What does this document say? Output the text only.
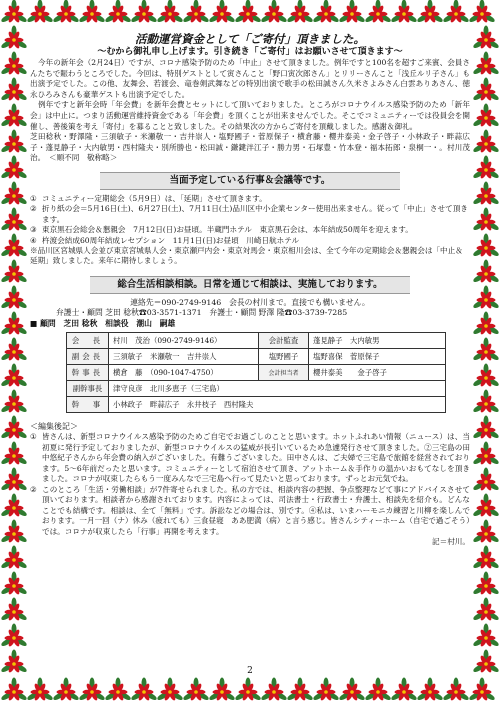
活動運営資金として「ご寄付」頂きました。
～むから御礼申し上げます。引き続き「ご寄付」はお願いさせて頂きます～

今年の新年会（2月24日）ですが、コロナ感染予防のため「中止」させて頂きました。例年ですと100名を超すご来賓、会員さんたちで賑わうところでした。今回は、特別ゲストとして寅さんこと「野口寅次郎さん」とリリーさんこと「浅丘ルリ子さん」も出演予定でした。この他、友舞会、若渡会、竜巻剣武舞などの特別出演で歌手の松田誠さん久米さよみさん白雲ありあさん、徳永ひろみさんも豪華ゲストも出演予定でした。

例年ですと新年会時「年会費」を新年会費とセットにして頂いておりました。ところがコロナウイルス感染予防のため「新年会」は中止に。つまり活動運営維持資金である「年会費」を頂くことが出来ませんでした。そこでコミュニティーでは役員会を開催し、善後策を考え「寄付」を募ることと致しました。その結果次の方からご寄付を頂戴しました。感謝＆御礼。

芝田稔秋・野澤隆・三須敏子・米瀬敬一・吉井崇人・塩野國子・菅原保子・横倉藤・櫻井泰美・金子啓子・小林政子・畔蒜広子・蓬見静子・大内敏男・西村隆夫・別所勝也・松田誠・鎌鍵泮江子・勝力男・石塚豊・竹本登・福本拓郎・泉桐一・。村川茂治。　＜順不同　敬称略＞

当面予定している行事＆会議等です。
① コミュニティー定期総会（5月9日）は、「延期」させて頂きます。
② 折り紙の会＝5月16日(土)、6月27日(土)、7月11日(土)品川区中小企業センター使用出来ません。従って「中止」させて頂きます。
③ 東京黒石会総会＆懇親会　7月12日(日)お昼頃。半蔵門ホテル　東京黒石会は、本年結成50周年を迎えます。
④ 杵渡会結成60周年結成レセプション　11月1日(日)お昼頃　川崎日航ホテル
※品川区宮城県人会並び東京宮城県人会・東京瀬戸内会・東京対馬会・東京相川会は、全て今年の定期総会＆懇親会は「中止＆延期」致しました。来年に期待しましょう。
総合生活相談相談。日常を通じて相談は、実施しております。
連絡先＝090-2749-9146　会長の村川まで。直接でも構いません。
弁護士・顧問 芝田 稔秋☎03-3571-1371　弁護士・顧問 野澤 隆☎03-3739-7285
■ 顧問　芝田 稔秋　相談役　潮山　嗣雄
会　長	村川　茂治（090-2749-9146）	会計監査	蓬見静子　大内敏男
副会長	三須敏子　米瀬敬一　吉井崇人	塩野國子	塩野喜保　菅原保子
幹事長	横倉　藤　（090-1047-4750）	会計担当者	櫻井泰美　　金子啓子
副幹事長	津守良彦　北川多恵子（三宅島）		
幹　事	小林政子　畔蒜広子　永井枝子　西村隆夫		
＜編集後記＞
① 皆さんは、新型コロナウイルス感染予防のためご自宅でお過ごしのことと思います。ホットふれあい情報（ニュース）は、当初夏に発行予定しておりましたが、新型コロナウイルスの猛威が長引いているため急遽発行させて頂きました。②三宅島の田中悠紀子さんから年会費の納入がございました。有難うございました。田中さんは、ご夫婦で三宅島で旅館を経営されております。5～6年前だったと思います。コミュニティーとして宿泊させて頂き、アットホーム＆手作りの温かいおもてなしを頂きました。コロナが収束したらもう一度みんなで三宅島へ行って見たいと思っております。ずっとお元気でね。
② このところ「生活・労働相談」が7件寄せられました。私の方では、相談内容の把握、争点整理などて事にアドバイスさせて頂いております。相談者から感謝されております。内容によっては、司法書士・行政書士・弁護士、相談先を紹介も。どんなことでも結構です。相談は、全て「無料」です。訴訟などの場合は、別です。④私は、いまハーモニカ練習と川柳を楽しんでおります。一月一回（ナ）休み（疲れても）三食昼寝　ああ肥満（病）と言う感じ。皆さんシティーホーム（自宅で過ごそう）では。コロナが収束したら「行事」再開を考えます。
記＝村川。
2
